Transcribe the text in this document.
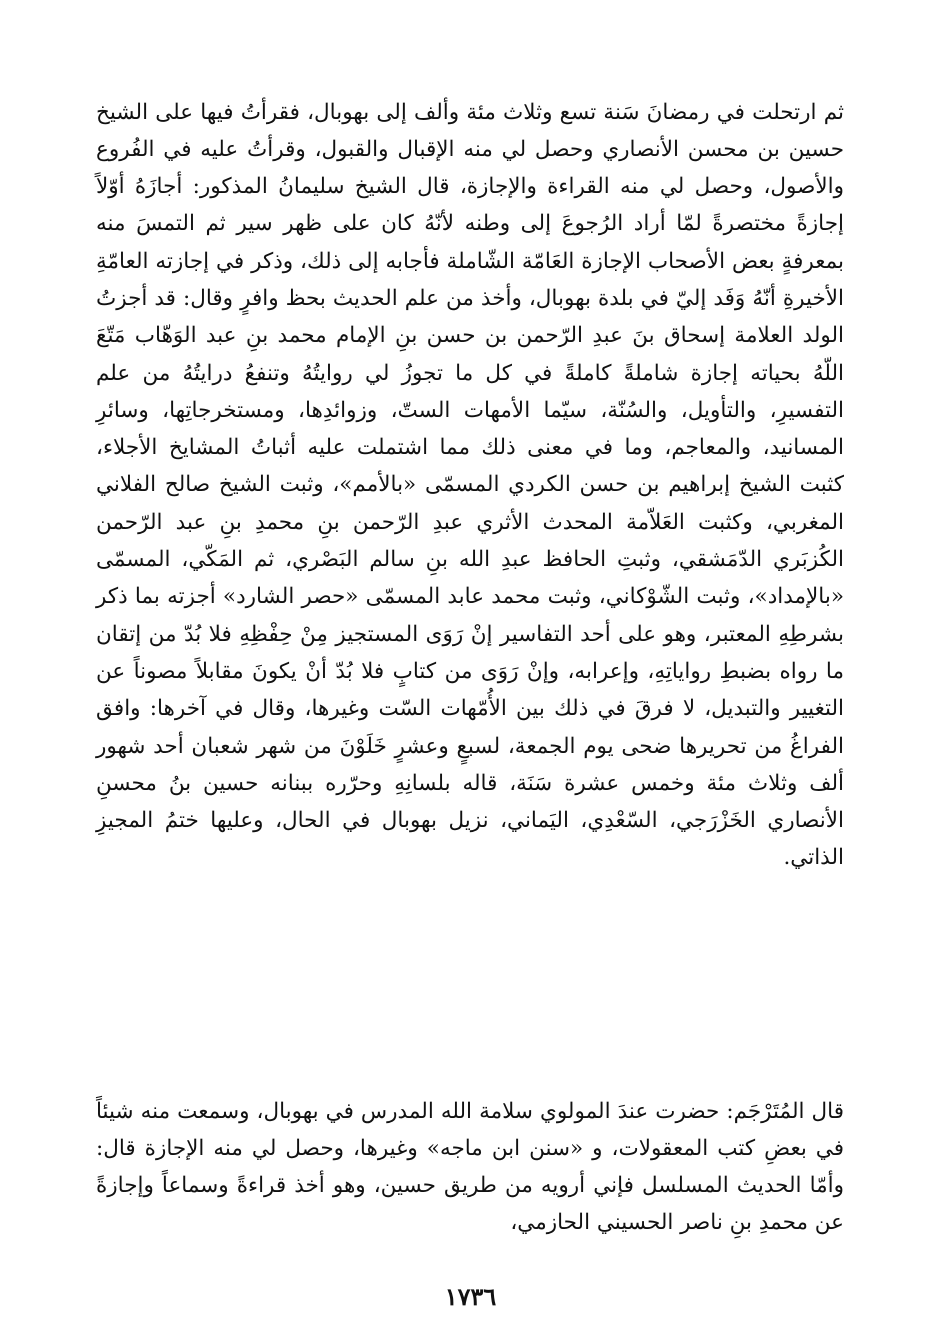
ثم ارتحلت في رمضانَ سَنة تسع وثلاث مئة وألف إلى بهوبال، فقرأتُ فيها على الشيخ حسين بن محسن الأنصاري وحصل لي منه الإقبال والقبول، وقرأتُ عليه في الفُروع والأصول، وحصل لي منه القراءة والإجازة، قال الشيخ سليمانُ المذكور: أجازَهُ أوّلاً إجازةً مختصرةً لمّا أراد الرُجوعَ إلى وطنه لأنّهُ كان على ظهر سير ثم التمسَ منه بمعرفةٍ بعض الأصحاب الإجازة العَامّة الشّاملة فأجابه إلى ذلك، وذكر في إجازته العامّةِ الأخيرةِ أنّهُ وَفَد إليّ في بلدة بهوبال، وأخذ من علم الحديث بحظ وافرٍ وقال: قد أجزتُ الولد العلامة إسحاق بنَ عبدِ الرّحمن بن حسن بنِ الإمام محمد بنِ عبد الوَهّاب مَتّعَ اللّهُ بحياته إجازة شاملةً كاملةً في كل ما تجوزُ لي روايتُهُ وتنفعُ درايتُهُ من علم التفسيرِ، والتأويل، والسُنّة، سيّما الأمهات الستّ، وزوائدِها، ومستخرجاتِها، وسائرِ المسانيد، والمعاجم، وما في معنى ذلك مما اشتملت عليه أثباتُ المشايخ الأجلاء، كثبت الشيخ إبراهيم بن حسن الكردي المسمّى «بالأمم»، وثبت الشيخ صالح الفلاني المغربي، وكثبت العَلاّمة المحدث الأثري عبدِ الرّحمن بنِ محمدِ بنِ عبد الرّحمن الكُزبَري الدّمَشقي، وثبتِ الحافظ عبدِ الله بنِ سالم البَصْري، ثم المَكّي، المسمّى «بالإمداد»، وثبت الشّوْكاني، وثبت محمد عابد المسمّى «حصر الشارد» أجزته بما ذكر بشرطِهِ المعتبر، وهو على أحد التفاسير إنْ رَوَى المستجيز مِنْ حِفْظِهِ فلا بُدّ من إتقان ما رواه بضبطِ رواياتِهِ، وإعرابه، وإنْ رَوَى من كتابٍ فلا بُدّ أنْ يكونَ مقابلاً مصوناً عن التغيير والتبديل، لا فرقَ في ذلك بين الأُمّهات السّت وغيرها، وقال في آخرها: وافق الفراغُ من تحريرها ضحى يوم الجمعة، لسبعٍ وعشرٍ خَلَوْنَ من شهر شعبان أحد شهور ألف وثلاث مئة وخمس عشرة سَنَة، قاله بلسانِهِ وحرّره ببنانه حسين بنُ محسنِ الأنصاري الخَزْرَجي، السّعْدِي، اليَماني، نزيل بهوبال في الحال، وعليها ختمُ المجيزِ الذاتي.

قال المُتَرْجَم: حضرت عندَ المولوي سلامة الله المدرس في بهوبال، وسمعت منه شيئاً في بعضِ كتب المعقولات، و «سنن ابن ماجه» وغيرها، وحصل لي منه الإجازة قال: وأمّا الحديث المسلسل فإني أرويه من طريق حسين، وهو أخذ قراءةً وسماعاً وإجازةً عن محمدِ بنِ ناصر الحسيني الحازمي،

١٧٣٦
